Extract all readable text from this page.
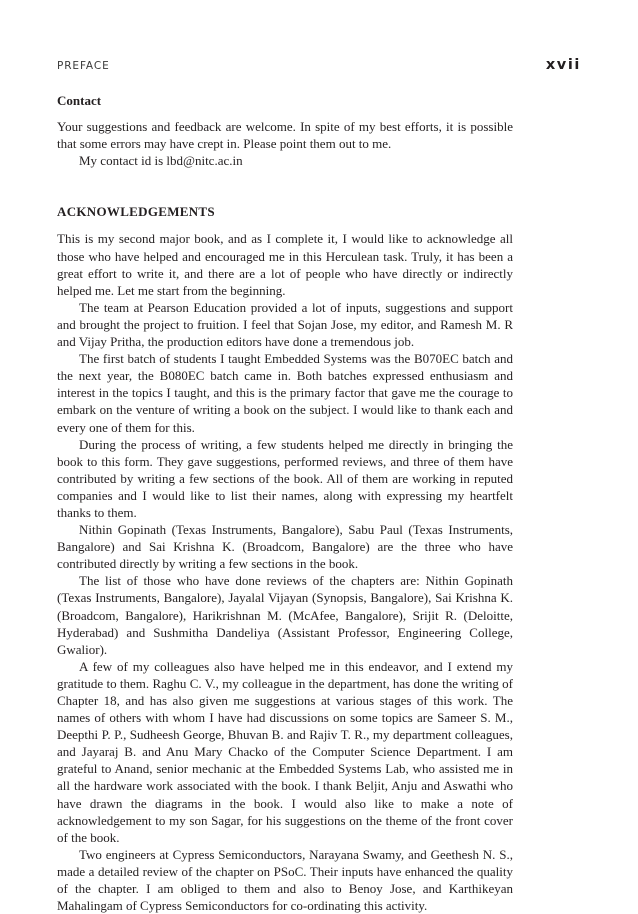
PREFACE	xvii
Contact

Your suggestions and feedback are welcome. In spite of my best efforts, it is possible that some errors may have crept in. Please point them out to me.

My contact id is lbd@nitc.ac.in

ACKNOWLEDGEMENTS

This is my second major book, and as I complete it, I would like to acknowledge all those who have helped and encouraged me in this Herculean task. Truly, it has been a great effort to write it, and there are a lot of people who have directly or indirectly helped me. Let me start from the beginning.

The team at Pearson Education provided a lot of inputs, suggestions and support and brought the project to fruition. I feel that Sojan Jose, my editor, and Ramesh M. R and Vijay Pritha, the production editors have done a tremendous job.

The first batch of students I taught Embedded Systems was the B070EC batch and the next year, the B080EC batch came in. Both batches expressed enthusiasm and interest in the topics I taught, and this is the primary factor that gave me the courage to embark on the venture of writing a book on the subject. I would like to thank each and every one of them for this.

During the process of writing, a few students helped me directly in bringing the book to this form. They gave suggestions, performed reviews, and three of them have contributed by writing a few sections of the book. All of them are working in reputed companies and I would like to list their names, along with expressing my heartfelt thanks to them.

Nithin Gopinath (Texas Instruments, Bangalore), Sabu Paul (Texas Instruments, Bangalore) and Sai Krishna K. (Broadcom, Bangalore) are the three who have contributed directly by writing a few sections in the book.

The list of those who have done reviews of the chapters are: Nithin Gopinath (Texas Instruments, Bangalore), Jayalal Vijayan (Synopsis, Bangalore), Sai Krishna K. (Broadcom, Bangalore), Harikrishnan M. (McAfee, Bangalore), Srijit R. (Deloitte, Hyderabad) and Sushmitha Dandeliya (Assistant Professor, Engineering College, Gwalior).

A few of my colleagues also have helped me in this endeavor, and I extend my gratitude to them. Raghu C. V., my colleague in the department, has done the writing of Chapter 18, and has also given me suggestions at various stages of this work. The names of others with whom I have had discussions on some topics are Sameer S. M., Deepthi P. P., Sudheesh George, Bhuvan B. and Rajiv T. R., my department colleagues, and Jayaraj B. and Anu Mary Chacko of the Computer Science Department. I am grateful to Anand, senior mechanic at the Embedded Systems Lab, who assisted me in all the hardware work associated with the book. I thank Beljit, Anju and Aswathi who have drawn the diagrams in the book. I would also like to make a note of acknowledgement to my son Sagar, for his suggestions on the theme of the front cover of the book.

Two engineers at Cypress Semiconductors, Narayana Swamy, and Geethesh N. S., made a detailed review of the chapter on PSoC. Their inputs have enhanced the quality of the chapter. I am obliged to them and also to Benoy Jose, and Karthikeyan Mahalingam of Cypress Semiconductors for co-ordinating this activity.
